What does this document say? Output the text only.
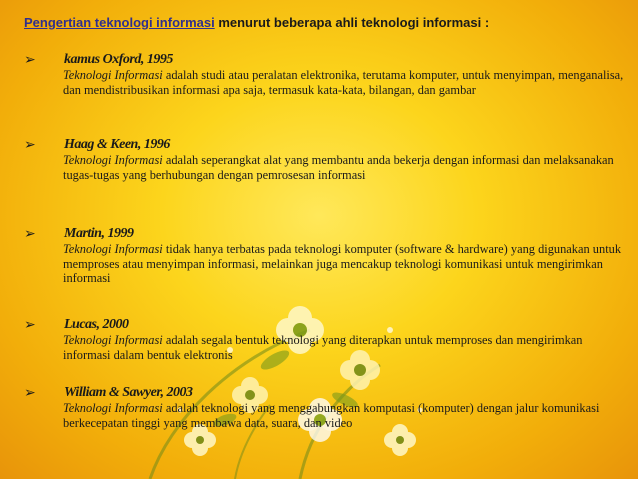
Pengertian teknologi informasi menurut beberapa ahli teknologi informasi :
➢ kamus Oxford, 1995
Teknologi Informasi adalah studi atau peralatan elektronika, terutama komputer, untuk menyimpan, menganalisa, dan mendistribusikan informasi apa saja, termasuk kata-kata, bilangan, dan gambar
➢ Haag & Keen, 1996
Teknologi Informasi adalah seperangkat alat yang membantu anda bekerja dengan informasi dan melaksanakan tugas-tugas yang berhubungan dengan pemrosesan informasi
➢ Martin, 1999
Teknologi Informasi tidak hanya terbatas pada teknologi komputer (software & hardware) yang digunakan untuk memproses atau menyimpan informasi, melainkan juga mencakup teknologi komunikasi untuk mengirimkan informasi
➢ Lucas, 2000
Teknologi Informasi adalah segala bentuk teknologi yang diterapkan untuk memproses dan mengirimkan informasi dalam bentuk elektronis
➢ William & Sawyer, 2003
Teknologi Informasi adalah teknologi yang menggabungkan komputasi (komputer) dengan jalur komunikasi berkecepatan tinggi yang membawa data, suara, dan video
